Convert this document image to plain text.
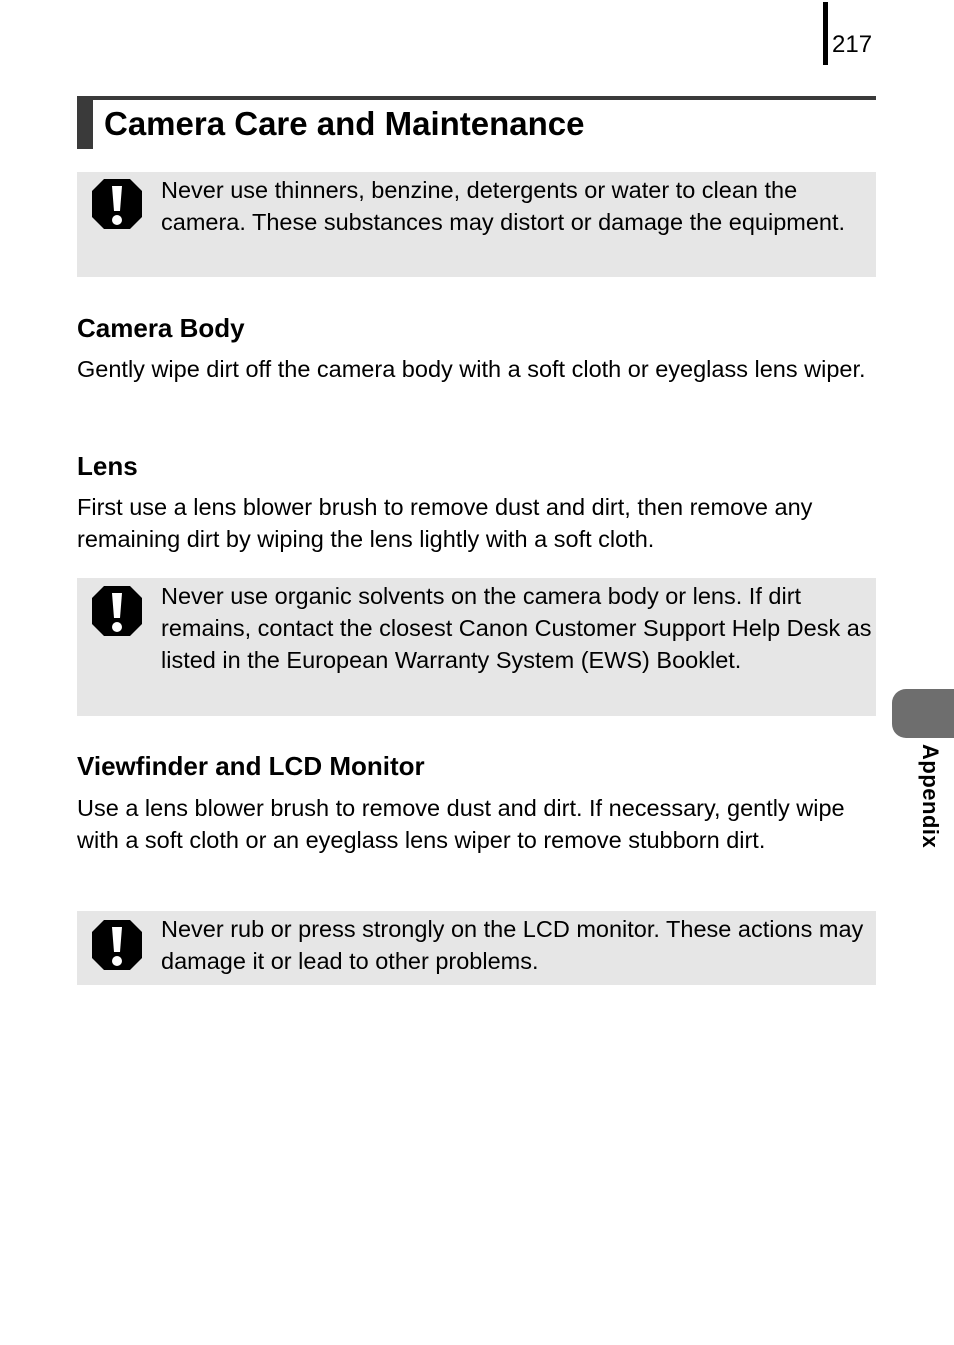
217
Camera Care and Maintenance

Never use thinners, benzine, detergents or water to clean the camera. These substances may distort or damage the equipment.

Camera Body

Gently wipe dirt off the camera body with a soft cloth or eyeglass lens wiper.

Lens

First use a lens blower brush to remove dust and dirt, then remove any remaining dirt by wiping the lens lightly with a soft cloth.

Never use organic solvents on the camera body or lens. If dirt remains, contact the closest Canon Customer Support Help Desk as listed in the European Warranty System (EWS) Booklet.

Viewfinder and LCD Monitor

Use a lens blower brush to remove dust and dirt. If necessary, gently wipe with a soft cloth or an eyeglass lens wiper to remove stubborn dirt.

Never rub or press strongly on the LCD monitor. These actions may damage it or lead to other problems.

Appendix
